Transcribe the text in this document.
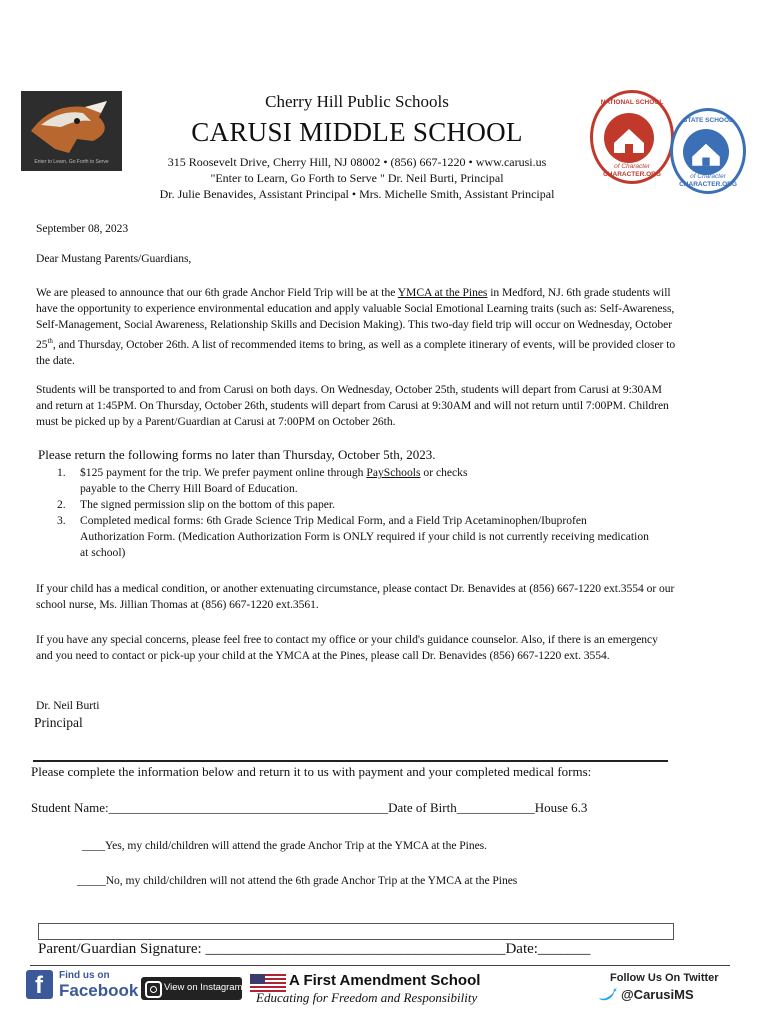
Enter to Learn, Go Forth to Serve
Cherry Hill Public Schools
CARUSI MIDDLE SCHOOL
315 Roosevelt Drive, Cherry Hill, NJ 08002 • (856) 667-1220 • www.carusi.us
"Enter to Learn, Go Forth to Serve " Dr. Neil Burti, Principal
Dr. Julie Benavides, Assistant Principal • Mrs. Michelle Smith, Assistant Principal
NATIONAL SCHOOL
of Character
CHARACTER.ORG
STATE SCHOOL
of Character
CHARACTER.ORG

September 08, 2023

Dear Mustang Parents/Guardians,

We are pleased to announce that our 6th grade Anchor Field Trip will be at the YMCA at the Pines in Medford, NJ. 6th grade students will have the opportunity to experience environmental education and apply valuable Social Emotional Learning traits (such as: Self-Awareness, Self-Management, Social Awareness, Relationship Skills and Decision Making). This two-day field trip will occur on Wednesday, October 25th, and Thursday, October 26th. A list of recommended items to bring, as well as a complete itinerary of events, will be provided closer to the date.

Students will be transported to and from Carusi on both days. On Wednesday, October 25th, students will depart from Carusi at 9:30AM and return at 1:45PM. On Thursday, October 26th, students will depart from Carusi at 9:30AM and will not return until 7:00PM. Children must be picked up by a Parent/Guardian at Carusi at 7:00PM on October 26th.

Please return the following forms no later than Thursday, October 5th, 2023.

1.	$125 payment for the trip. We prefer payment online through PaySchools or checks payable to the Cherry Hill Board of Education.
2.	The signed permission slip on the bottom of this paper.
3.	Completed medical forms: 6th Grade Science Trip Medical Form, and a Field Trip Acetaminophen/Ibuprofen Authorization Form. (Medication Authorization Form is ONLY required if your child is not currently receiving medication at school)

If your child has a medical condition, or another extenuating circumstance, please contact Dr. Benavides at (856) 667-1220 ext.3554 or our school nurse, Ms. Jillian Thomas at (856) 667-1220 ext.3561.

If you have any special concerns, please feel free to contact my office or your child's guidance counselor. Also, if there is an emergency and you need to contact or pick-up your child at the YMCA at the Pines, please call Dr. Benavides (856) 667-1220 ext. 3554.

Dr. Neil Burti

Principal

Please complete the information below and return it to us with payment and your completed medical forms:

Student Name:___________________________________________Date of Birth____________House 6.3

____Yes, my child/children will attend the grade Anchor Trip at the YMCA at the Pines.

_____No, my child/children will not attend the 6th grade Anchor Trip at the YMCA at the Pines

Parent/Guardian Signature: ________________________________________Date:_______

f Find us on
Facebook	View on Instagram	A First Amendment School
Educating for Freedom and Responsibility
Follow Us On Twitter
@CarusiMS
